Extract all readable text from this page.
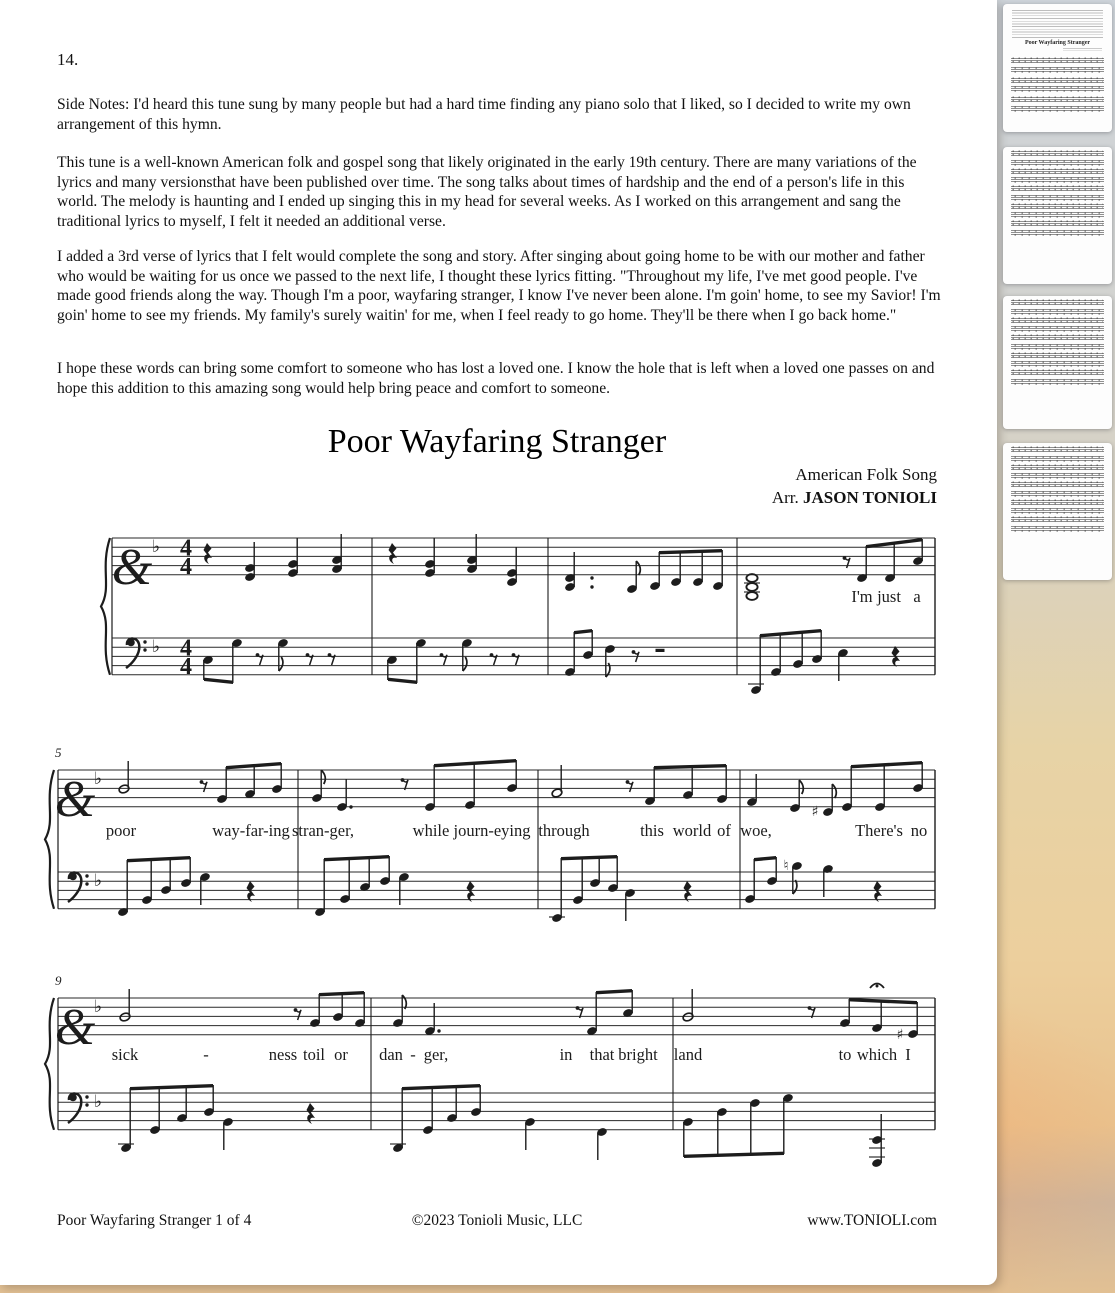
14.
Side Notes: I'd heard this tune sung by many people but had a hard time finding any piano solo that I liked, so I decided to write my own arrangement of this hymn.
This tune is a well-known American folk and gospel song that likely originated in the early 19th century. There are many variations of the lyrics and many versionsthat have been published over time. The song talks about times of hardship and the end of a person's life in this world. The melody is haunting and I ended up singing this in my head for several weeks. As I worked on this arrangement and sang the traditional lyrics to myself, I felt it needed an additional verse.
I added a 3rd verse of lyrics that I felt would complete the song and story. After singing about going home to be with our mother and father who would be waiting for us once we passed to the next life, I thought these lyrics fitting. "Throughout my life, I've met good people. I've made good friends along the way. Though I'm a poor, wayfaring stranger, I know I've never been alone. I'm goin' home, to see my Savior! I'm goin' home to see my friends. My family's surely waitin' for me, when I feel ready to go home. They'll be there when I go back home."
I hope these words can bring some comfort to someone who has lost a loved one. I know the hole that is left when a loved one passes on and hope this addition to this amazing song would help bring peace and comfort to someone.
Poor Wayfaring Stranger
American Folk Song
Arr. JASON TONIOLI
& ♭
♭
4
4
4
4
I'm just a
&
♭
♭
5
♯
♮
poor	way-far-ing stran-ger,	while journ-eying through	this world of woe,	There's no
&
♭
♭
9
♯
sick	-	ness toil or dan - ger,	in that bright land	to which I
Poor Wayfaring Stranger 1 of 4	©2023 Tonioli Music, LLC	www.TONIOLI.com
Poor Wayfaring Stranger
